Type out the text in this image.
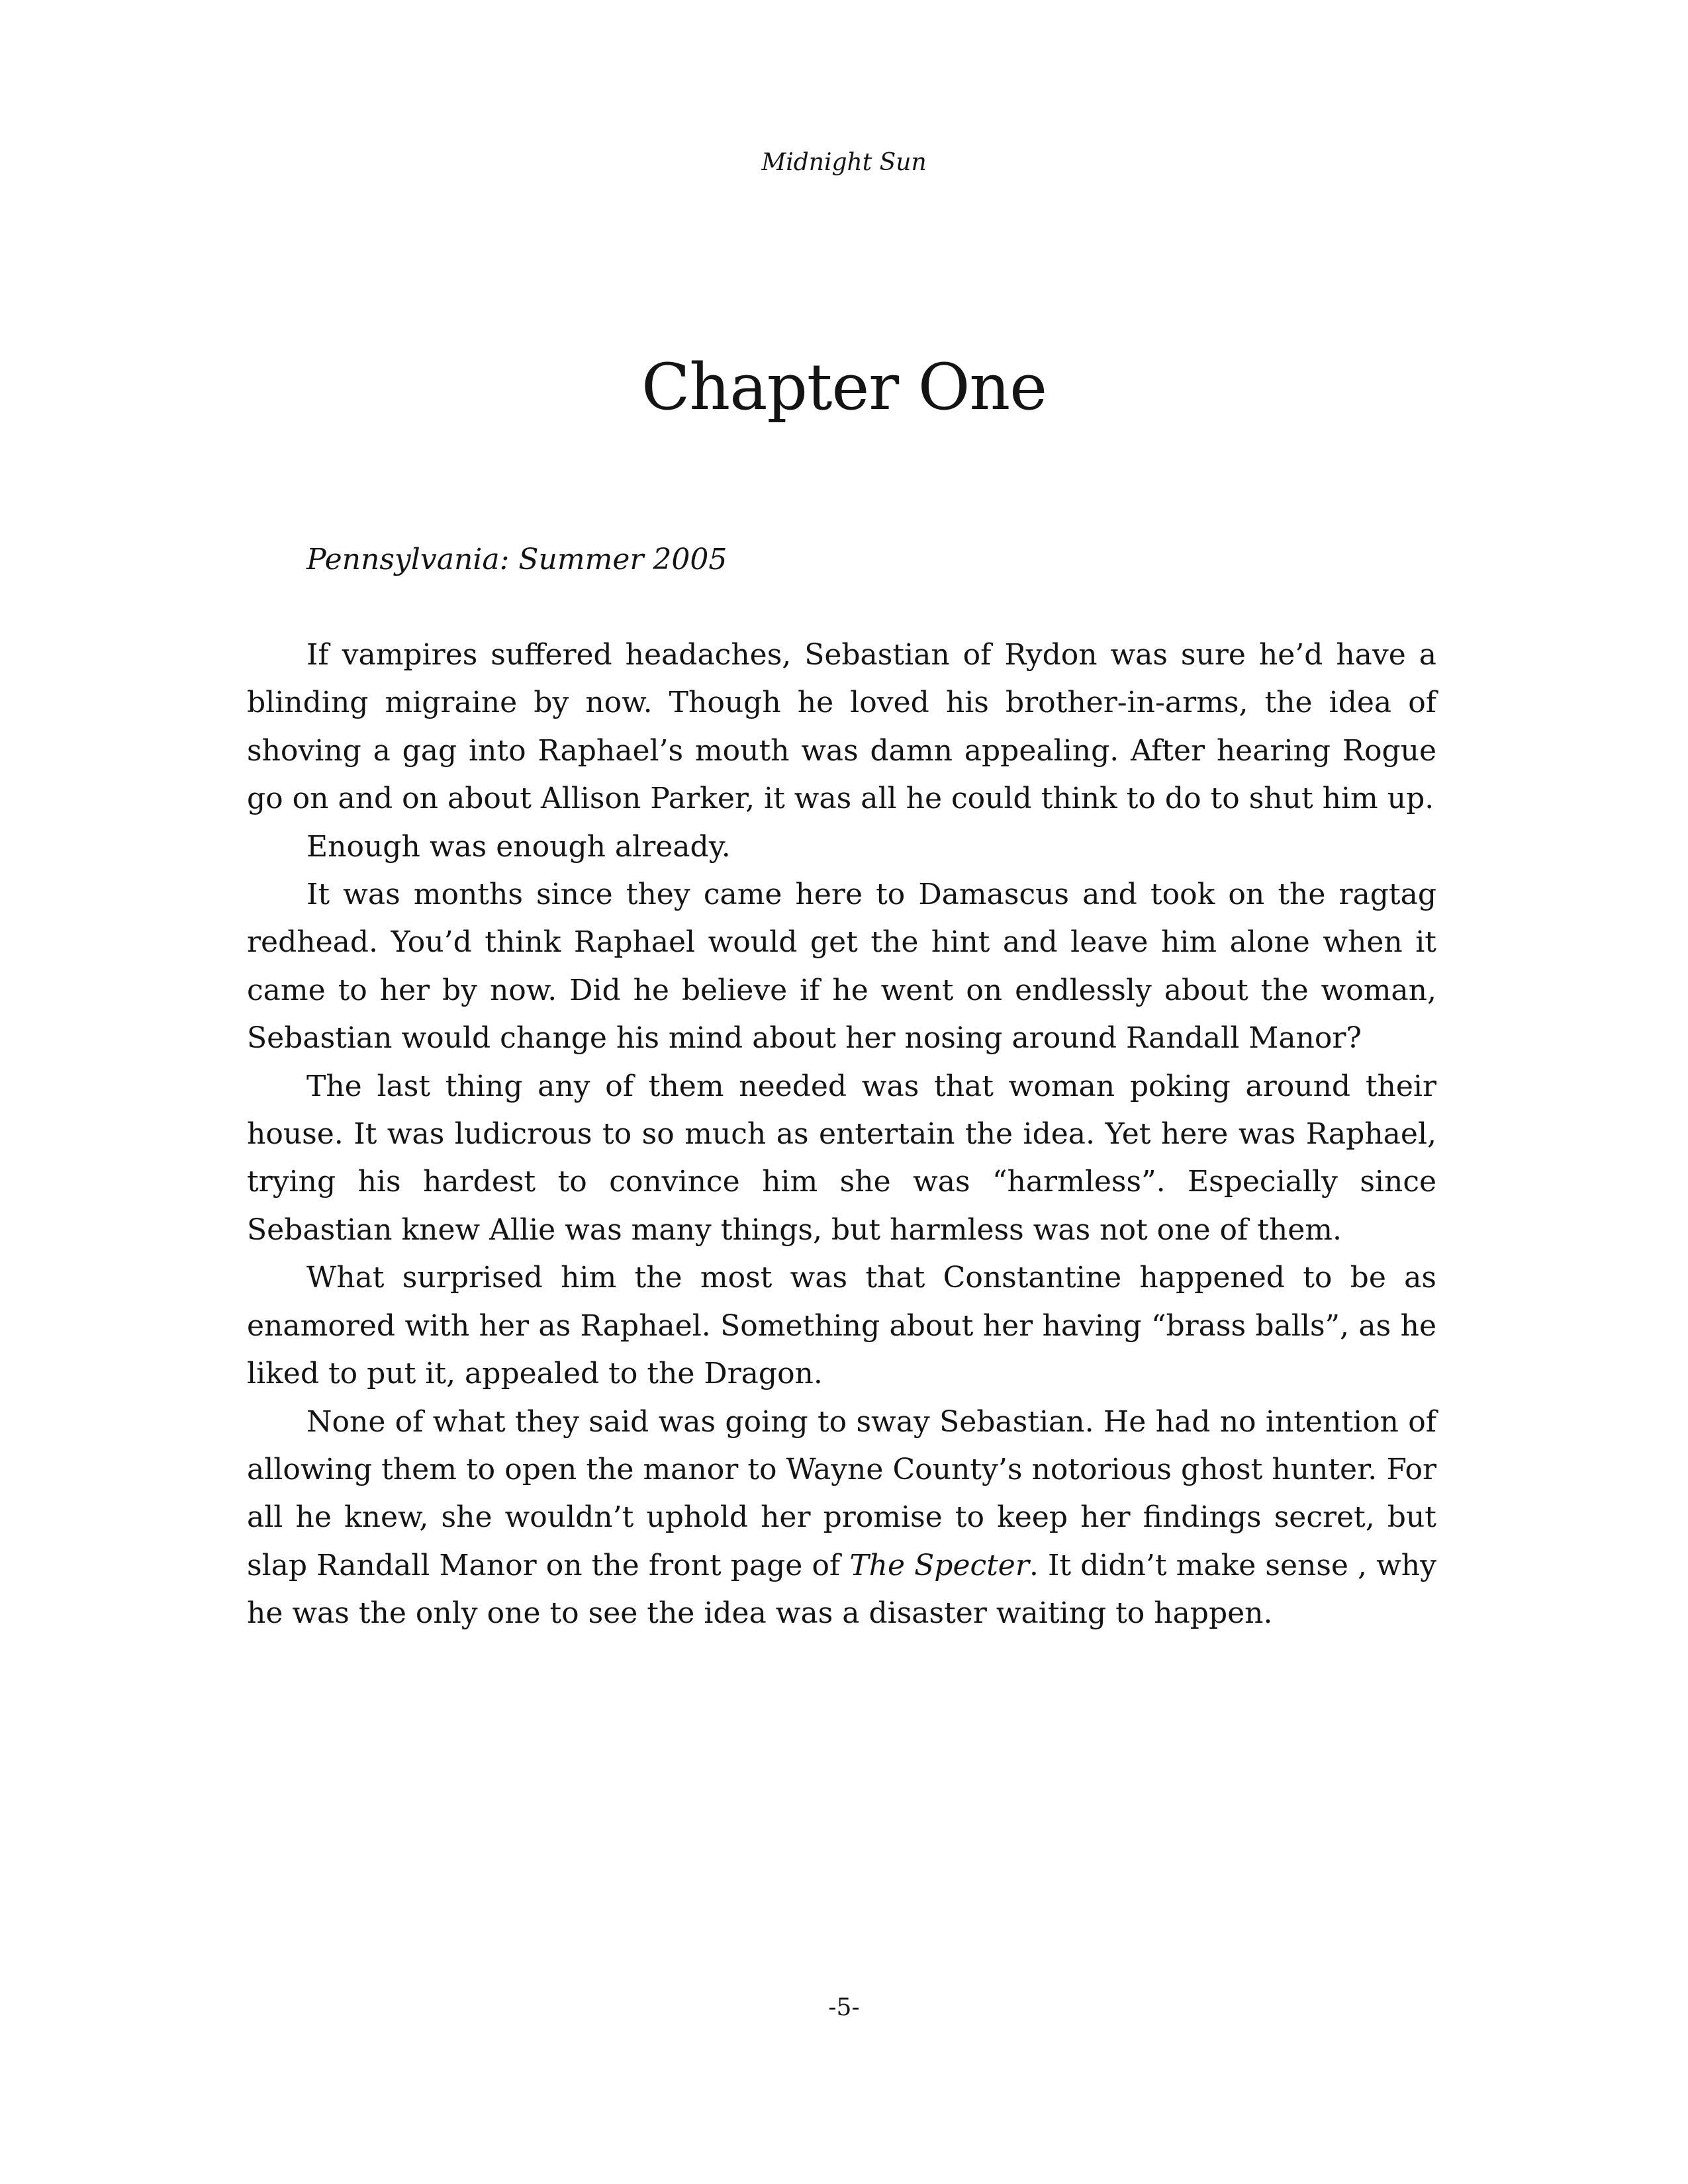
Midnight Sun
Chapter One

Pennsylvania: Summer 2005

If vampires suffered headaches, Sebastian of Rydon was sure he’d have a blinding migraine by now. Though he loved his brother-in-arms, the idea of shoving a gag into Raphael’s mouth was damn appealing. After hearing Rogue go on and on about Allison Parker, it was all he could think to do to shut him up.

Enough was enough already.

It was months since they came here to Damascus and took on the ragtag redhead. You’d think Raphael would get the hint and leave him alone when it came to her by now. Did he believe if he went on endlessly about the woman, Sebastian would change his mind about her nosing around Randall Manor?

The last thing any of them needed was that woman poking around their house. It was ludicrous to so much as entertain the idea. Yet here was Raphael, trying his hardest to convince him she was “harmless”. Especially since Sebastian knew Allie was many things, but harmless was not one of them.

What surprised him the most was that Constantine happened to be as enamored with her as Raphael. Something about her having “brass balls”, as he liked to put it, appealed to the Dragon.

None of what they said was going to sway Sebastian. He had no intention of allowing them to open the manor to Wayne County’s notorious ghost hunter. For all he knew, she wouldn’t uphold her promise to keep her findings secret, but slap Randall Manor on the front page of The Specter. It didn’t make sense , why he was the only one to see the idea was a disaster waiting to happen.

-5-
